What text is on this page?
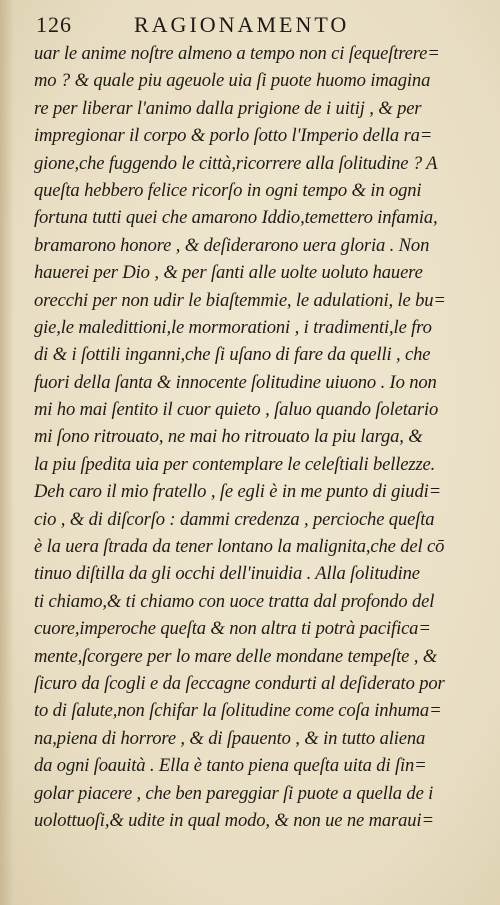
126	RAGIONAMENTO
uar le anime noſtre almeno a tempo non ci ſequeſtrere=
mo ? & quale piu ageuole uia ſi puote huomo imagina
re per liberar l'animo dalla prigione de i uitij , & per
impregionar il corpo & porlo ſotto l'Imperio della ra=
gione,che fuggendo le città,ricorrere alla ſolitudine ? A
queſta hebbero felice ricorſo in ogni tempo & in ogni
fortuna tutti quei che amarono Iddio,temettero infamia,
bramarono honore , & deſiderarono uera gloria . Non
hauerei per Dio , & per ſanti alle uolte uoluto hauere
orecchi per non udir le biaſtemmie, le adulationi, le bu=
gie,le maledittioni,le mormorationi , i tradimenti,le fro
di & i ſottili inganni,che ſi uſano di fare da quelli , che
fuori della ſanta & innocente ſolitudine uiuono . Io non
mi ho mai ſentito il cuor quieto , ſaluo quando ſoletario
mi ſono ritrouato, ne mai ho ritrouato la piu larga, &
la piu ſpedita uia per contemplare le celeſtiali bellezze.
Deh caro il mio fratello , ſe egli è in me punto di giudi=
cio , & di diſcorſo : dammi credenza , percioche queſta
è la uera ſtrada da tener lontano la malignita,che del cō
tinuo diſtilla da gli occhi dell'inuidia . Alla ſolitudine
ti chiamo,& ti chiamo con uoce tratta dal profondo del
cuore,imperoche queſta & non altra ti potrà pacifica=
mente,ſcorgere per lo mare delle mondane tempeſte , &
ſicuro da ſcogli e da ſeccagne condurti al deſiderato por
to di ſalute,non ſchifar la ſolitudine come coſa inhuma=
na,piena di horrore , & di ſpauento , & in tutto aliena
da ogni ſoauità . Ella è tanto piena queſta uita di ſin=
golar piacere , che ben pareggiar ſi puote a quella de i
uolottuoſi,& udite in qual modo, & non ue ne maraui=
